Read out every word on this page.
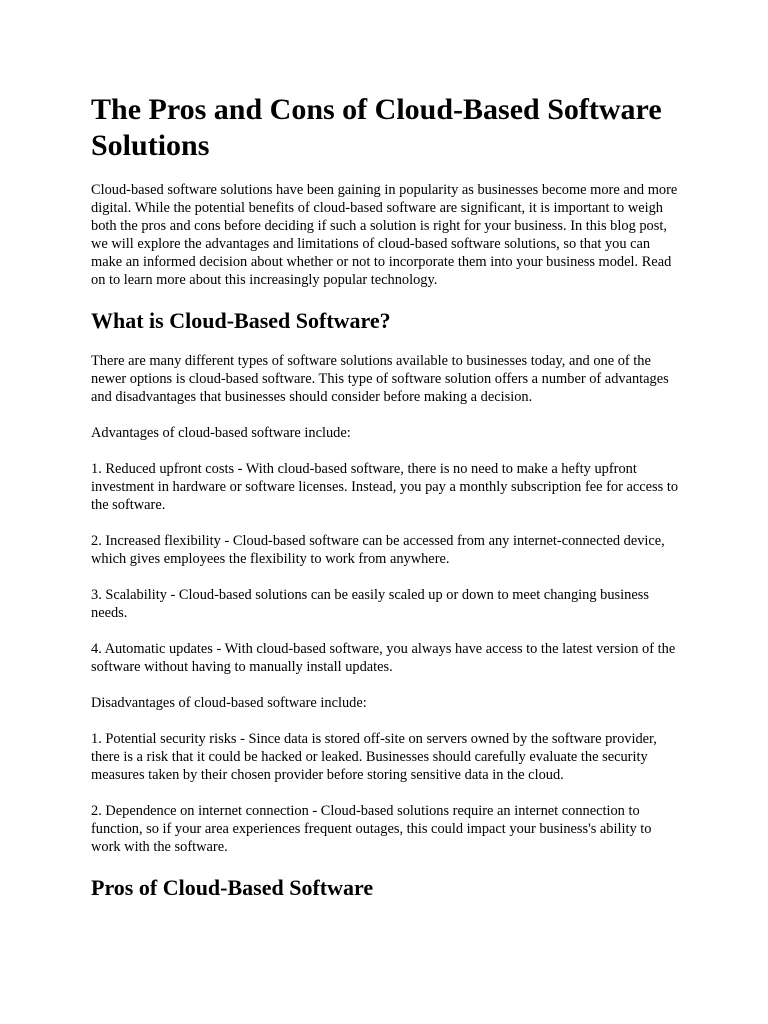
The Pros and Cons of Cloud-Based Software Solutions

Cloud-based software solutions have been gaining in popularity as businesses become more and more digital. While the potential benefits of cloud-based software are significant, it is important to weigh both the pros and cons before deciding if such a solution is right for your business. In this blog post, we will explore the advantages and limitations of cloud-based software solutions, so that you can make an informed decision about whether or not to incorporate them into your business model. Read on to learn more about this increasingly popular technology.

What is Cloud-Based Software?

There are many different types of software solutions available to businesses today, and one of the newer options is cloud-based software. This type of software solution offers a number of advantages and disadvantages that businesses should consider before making a decision.

Advantages of cloud-based software include:

1. Reduced upfront costs - With cloud-based software, there is no need to make a hefty upfront investment in hardware or software licenses. Instead, you pay a monthly subscription fee for access to the software.

2. Increased flexibility - Cloud-based software can be accessed from any internet-connected device, which gives employees the flexibility to work from anywhere.

3. Scalability - Cloud-based solutions can be easily scaled up or down to meet changing business needs.

4. Automatic updates - With cloud-based software, you always have access to the latest version of the software without having to manually install updates.

Disadvantages of cloud-based software include:

1. Potential security risks - Since data is stored off-site on servers owned by the software provider, there is a risk that it could be hacked or leaked. Businesses should carefully evaluate the security measures taken by their chosen provider before storing sensitive data in the cloud.

2. Dependence on internet connection - Cloud-based solutions require an internet connection to function, so if your area experiences frequent outages, this could impact your business's ability to work with the software.

Pros of Cloud-Based Software
